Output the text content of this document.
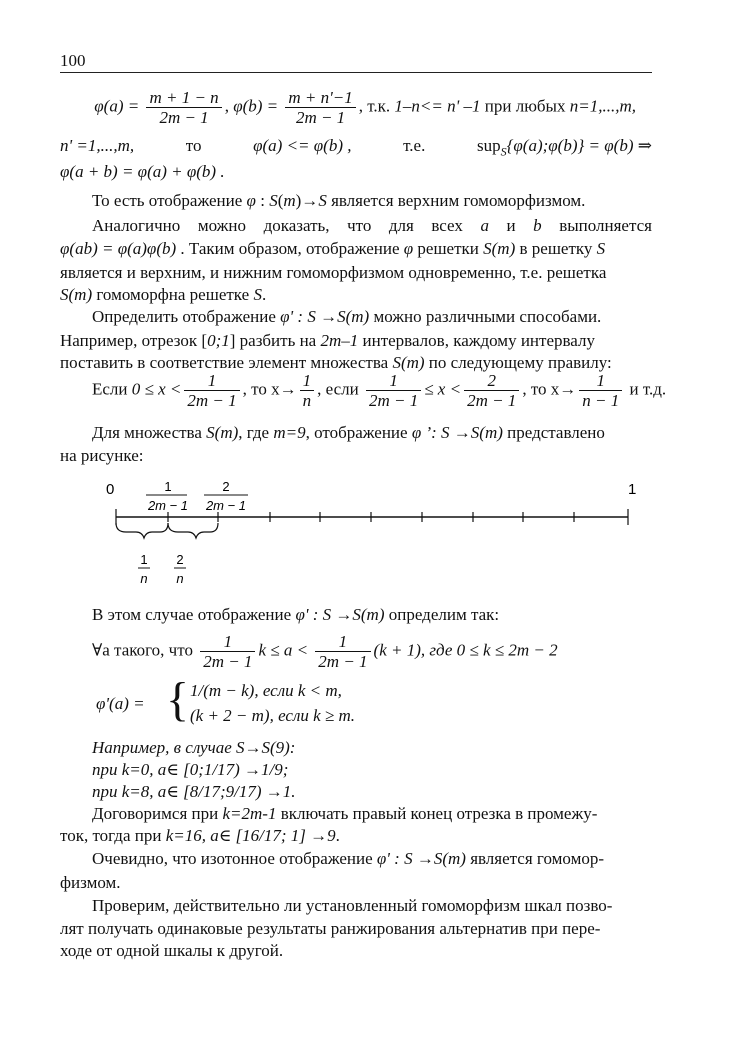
100
$\varphi(a) = \frac{m + 1 - n}{2m - 1}$ , $\varphi(b) = \frac{m + n'-1}{2m - 1}$ , т.к. 1–n<= n' –1 при любых n=1,...,m,
n' =1,...,m,	то	φ(a) <= φ(b) ,	т.е.	sup$_S${φ(a);φ(b)} = φ(b) ⇒
φ(a + b) = φ(a) + φ(b) .
То есть отображение φ : S(m)→S является верхним гомоморфизмом.
Аналогично можно доказать, что для всех a и b выполняется
φ(ab) = φ(a)φ(b) . Таким образом, отображение φ решетки S(m) в решетку S
является и верхним, и нижним гомоморфизмом одновременно, т.е. решетка
S(m) гомоморфна решетке S.
Определить отображение φ' : S →S(m) можно различными способами.
Например, отрезок [0;1] разбить на 2m–1 интервалов, каждому интервалу
поставить в соответствие элемент множества S(m) по следующему правилу:
Если $0 \le x < \frac{1}{2m - 1}$ , то $x\to \frac{1}{n}$ , если $\frac{1}{2m - 1} \le x < \frac{2}{2m - 1}$ , то $x\to \frac{1}{n - 1}$ и т.д.
Для множества S(m), где m=9, отображение φ ’: S →S(m) представлено
на рисунке:
0	1
1
2m − 1
2
2m − 1
1
n
2
n
В этом случае отображение φ' : S →S(m) определим так:
∀a такого, что $\frac{1}{2m - 1}$ $k \le a < \frac{1}{2m - 1} (k + 1)$, где 0 ≤ k ≤ 2m − 2
φ'(a) = { 1/(m − k), если k < m,
(k + 2 − m), если k ≥ m.
Например, в случае S→S(9):
при k=0, a∈ [0;1/17) →1/9;
при k=8, a∈ [8/17;9/17) →1.
Договоримся при k=2m-1 включать правый конец отрезка в промежу-
ток, тогда при k=16, a∈ [16/17; 1] →9.
Очевидно, что изотонное отображение φ' : S →S(m) является гомомор-
физмом.
Проверим, действительно ли установленный гомоморфизм шкал позво-
лят получать одинаковые результаты ранжирования альтернатив при пере-
ходе от одной шкалы к другой.
